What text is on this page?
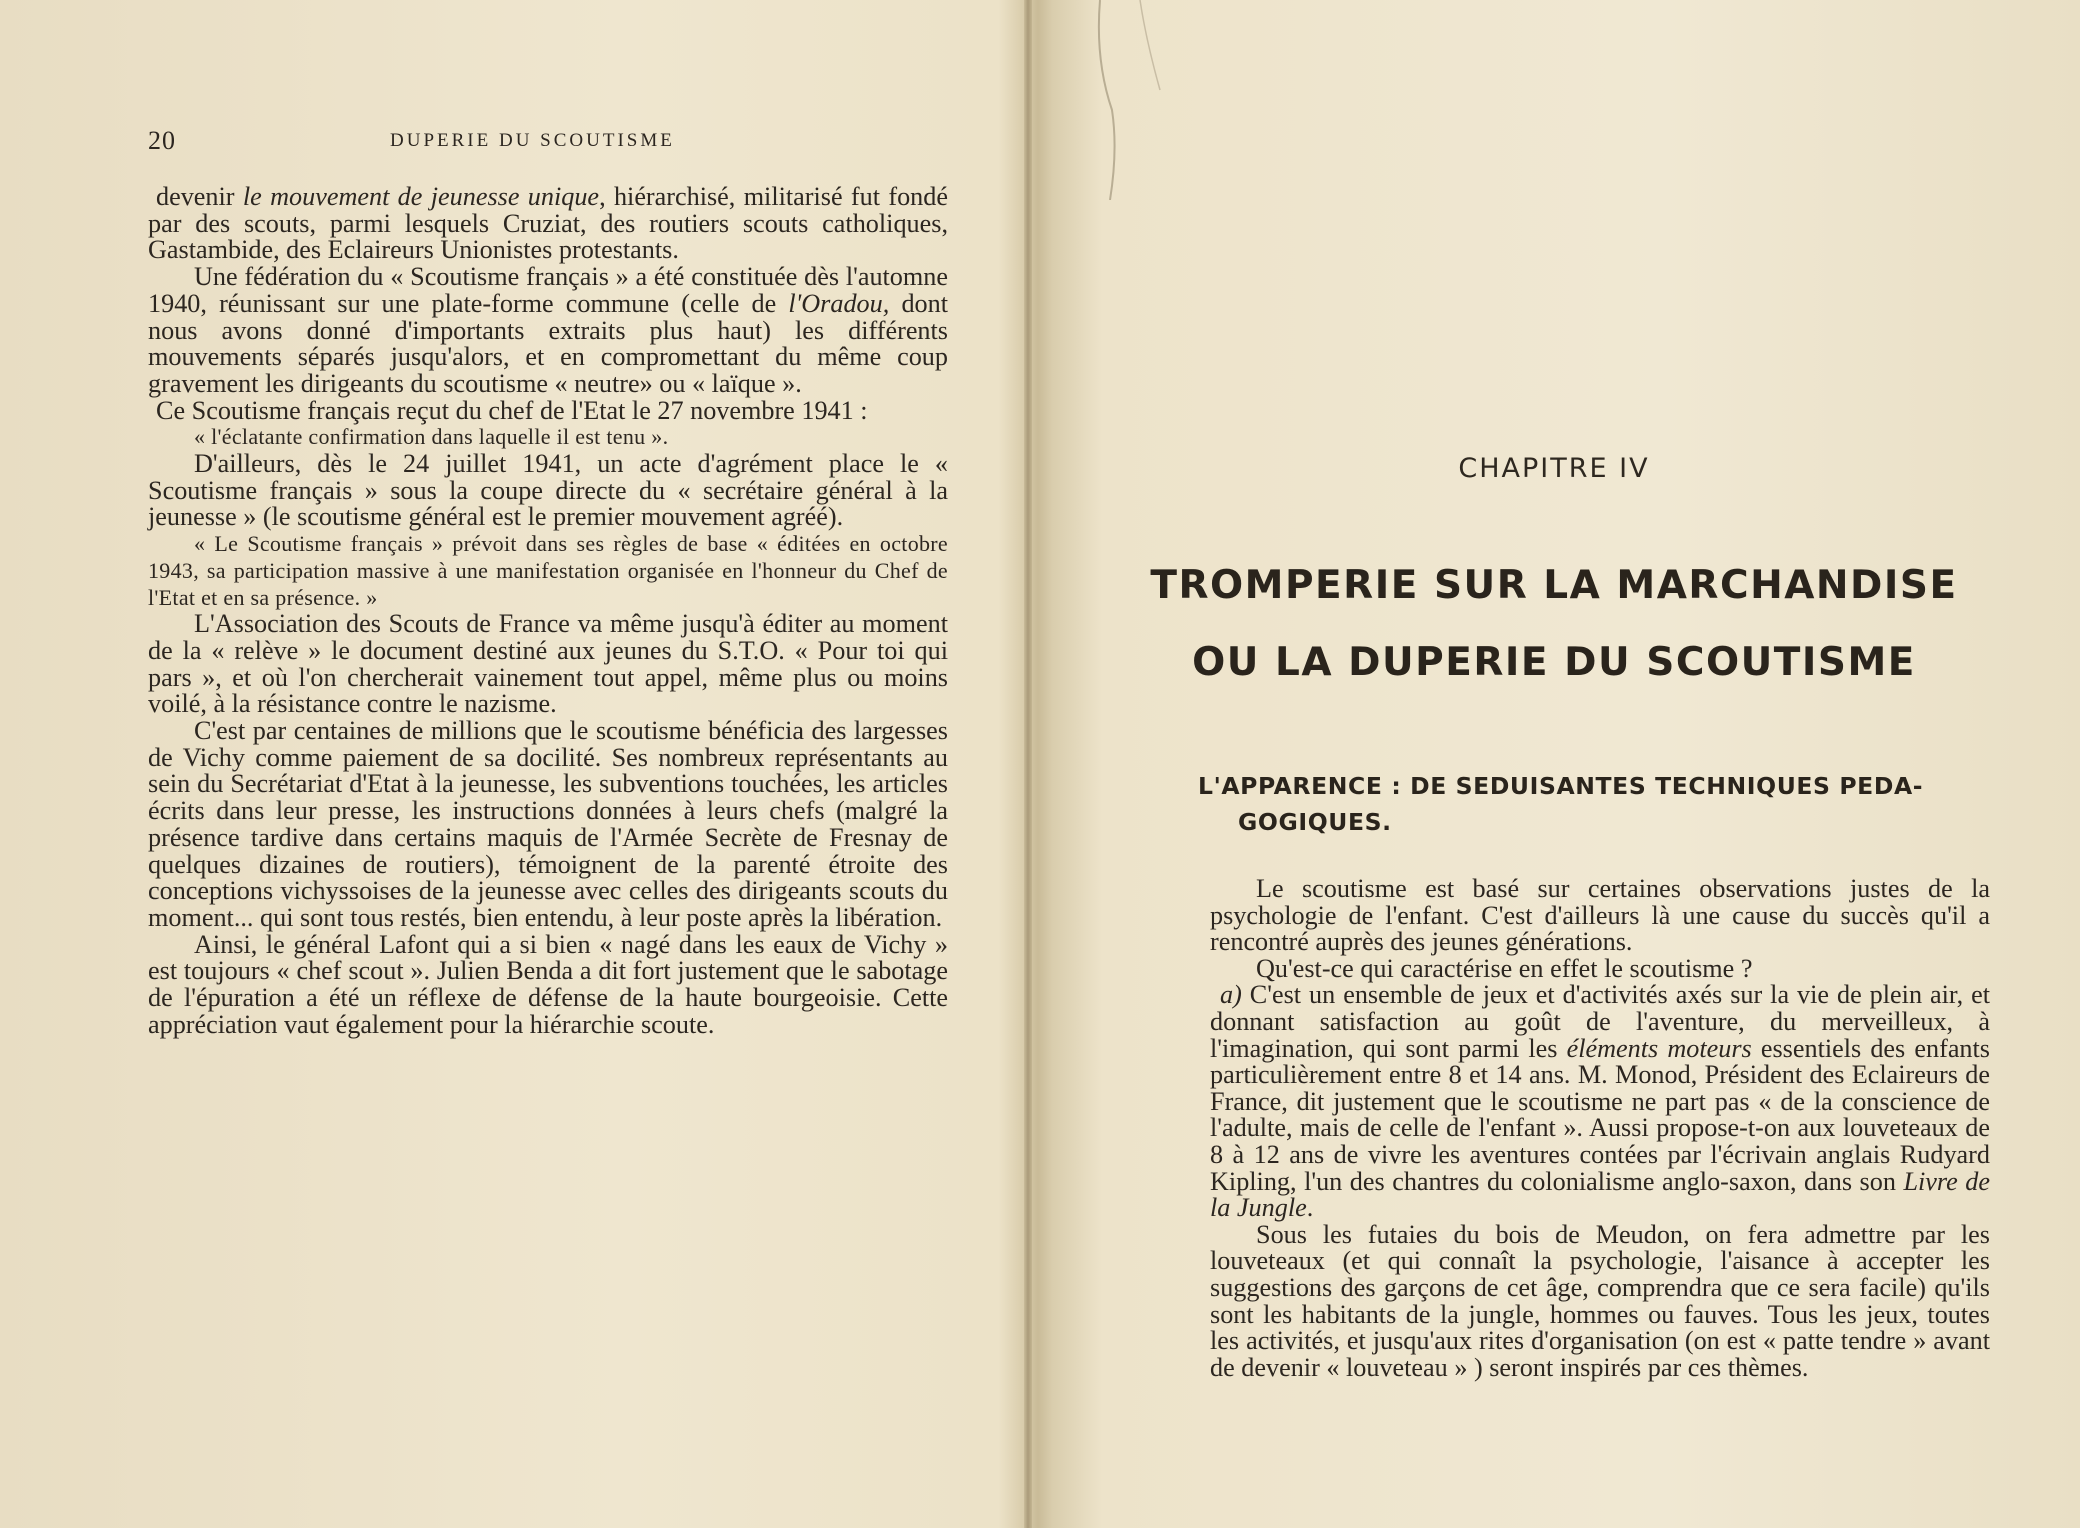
20	DUPERIE DU SCOUTISME

devenir le mouvement de jeunesse unique, hiérarchisé, militarisé fut fondé par des scouts, parmi lesquels Cruziat, des routiers scouts catholiques, Gastambide, des Eclaireurs Unionistes protestants.

Une fédération du « Scoutisme français » a été constituée dès l'automne 1940, réunissant sur une plate-forme commune (celle de l'Oradou, dont nous avons donné d'importants extraits plus haut) les différents mouvements séparés jusqu'alors, et en compromettant du même coup gravement les dirigeants du scoutisme « neutre» ou « laïque ».

Ce Scoutisme français reçut du chef de l'Etat le 27 novembre 1941 :

« l'éclatante confirmation dans laquelle il est tenu ».

D'ailleurs, dès le 24 juillet 1941, un acte d'agrément place le « Scoutisme français » sous la coupe directe du « secrétaire général à la jeunesse » (le scoutisme général est le premier mouvement agréé).

« Le Scoutisme français » prévoit dans ses règles de base « éditées en octobre 1943, sa participation massive à une manifestation organisée en l'honneur du Chef de l'Etat et en sa présence. »

L'Association des Scouts de France va même jusqu'à éditer au moment de la « relève » le document destiné aux jeunes du S.T.O. « Pour toi qui pars », et où l'on chercherait vainement tout appel, même plus ou moins voilé, à la résistance contre le nazisme.

C'est par centaines de millions que le scoutisme bénéficia des largesses de Vichy comme paiement de sa docilité. Ses nombreux représentants au sein du Secrétariat d'Etat à la jeunesse, les subventions touchées, les articles écrits dans leur presse, les instructions données à leurs chefs (malgré la présence tardive dans certains maquis de l'Armée Secrète de Fresnay de quelques dizaines de routiers), témoignent de la parenté étroite des conceptions vichyssoises de la jeunesse avec celles des dirigeants scouts du moment... qui sont tous restés, bien entendu, à leur poste après la libération.

Ainsi, le général Lafont qui a si bien « nagé dans les eaux de Vichy » est toujours « chef scout ». Julien Benda a dit fort justement que le sabotage de l'épuration a été un réflexe de défense de la haute bourgeoisie. Cette appréciation vaut également pour la hiérarchie scoute.

CHAPITRE IV
TROMPERIE SUR LA MARCHANDISE
OU LA DUPERIE DU SCOUTISME
L'APPARENCE : DE SEDUISANTES TECHNIQUES PEDA-
GOGIQUES.

Le scoutisme est basé sur certaines observations justes de la psychologie de l'enfant. C'est d'ailleurs là une cause du succès qu'il a rencontré auprès des jeunes générations.

Qu'est-ce qui caractérise en effet le scoutisme ?

a) C'est un ensemble de jeux et d'activités axés sur la vie de plein air, et donnant satisfaction au goût de l'aventure, du merveilleux, à l'imagination, qui sont parmi les éléments moteurs essentiels des enfants particulièrement entre 8 et 14 ans. M. Monod, Président des Eclaireurs de France, dit justement que le scoutisme ne part pas « de la conscience de l'adulte, mais de celle de l'enfant ». Aussi propose-t-on aux louveteaux de 8 à 12 ans de vivre les aventures contées par l'écrivain anglais Rudyard Kipling, l'un des chantres du colonialisme anglo-saxon, dans son Livre de la Jungle.

Sous les futaies du bois de Meudon, on fera admettre par les louveteaux (et qui connaît la psychologie, l'aisance à accepter les suggestions des garçons de cet âge, comprendra que ce sera facile) qu'ils sont les habitants de la jungle, hommes ou fauves. Tous les jeux, toutes les activités, et jusqu'aux rites d'organisation (on est « patte tendre » avant de devenir « louveteau » ) seront inspirés par ces thèmes.
